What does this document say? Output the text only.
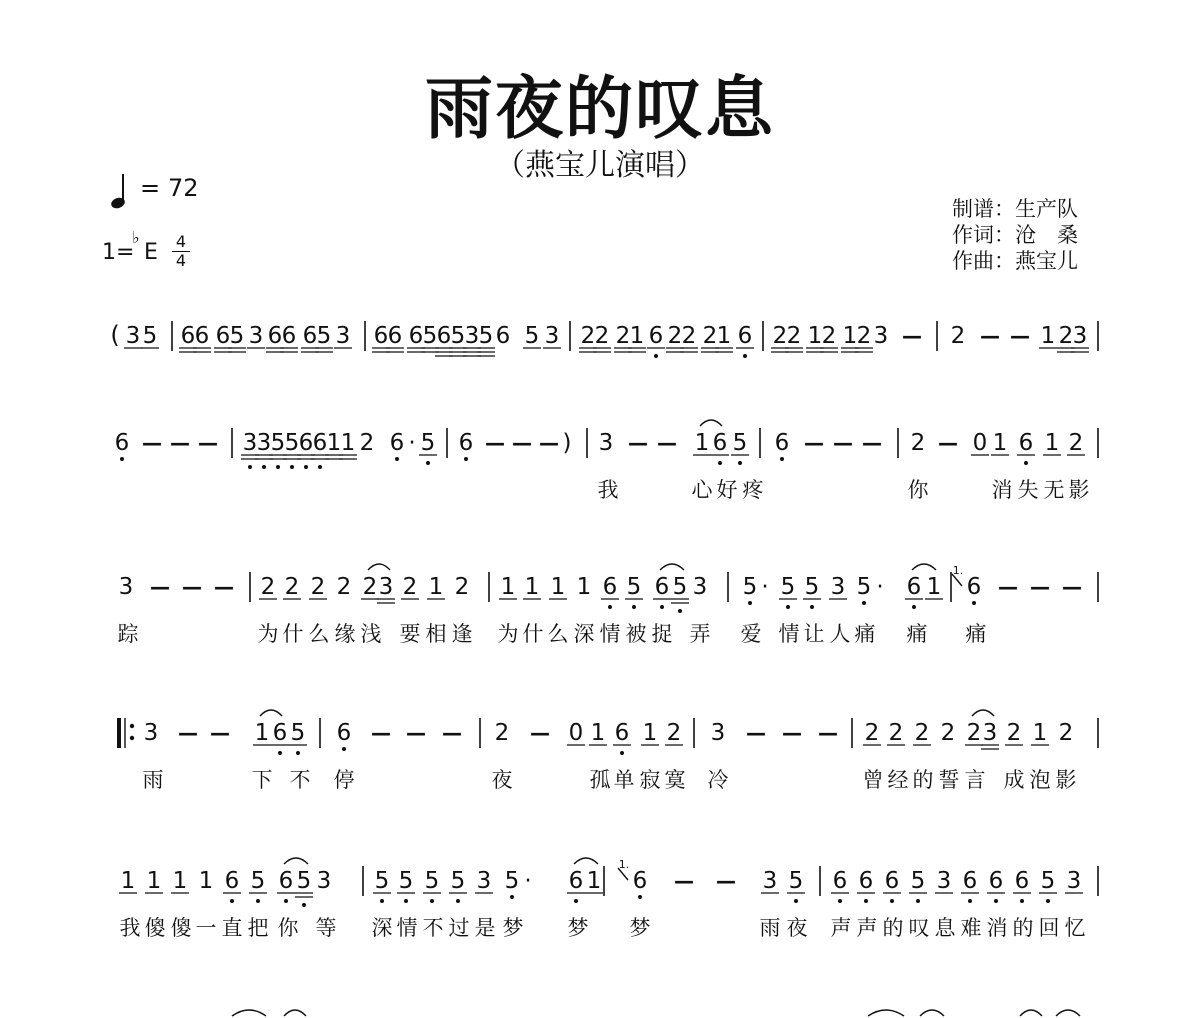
雨夜的叹息
（燕宝儿演唱）
= 72
1=
♭
E 4
4
制谱：生产队
作词：沧　桑
作曲：燕宝儿
(	|	|	|	|	|	|
3 5 6 6 6 5 3 6 6 6 5 3 6 6 6 5 6 5 3 5 6 5 3 2 2 2 1 6 2 2 2 1 6 2 2 1 2 1 2 3 — 2 — — 1 2 3
|	|	|	|	|	|
6 — — — 3 3 5 5 6 6 1 1 2 6 · 5 6 — — — ) 3 — — 1 6 5 6 — — — 2 — 0 1 6 1 2
我	心 好 疼	你	消 失 无 影
|	|	|	|	|
3 — — — 2 2 2 2 2 3 2 1 2 1 1 1 1 6 5 6 5 3 5 · 5 5 3 5 · 6 1 6 — — —
1.
踪	为 什 么 缘 浅 要 相 逢 为 什 么 深 情 被 捉 弄 爱 情 让 人 痛 痛 痛
‖:	|	|	|	|	|
3 — — 1 6 5 6 — — — 2 — 0 1 6 1 2 3 — — — 2 2 2 2 2 3 2 1 2
雨	下 不 停	夜	孤 单 寂 寞 冷	曾 经 的 誓 言 成 泡 影
|	|	|	|
1 1 1 1 6 5 6 5 3 5 5 5 5 3 5 · 6 1 6 — — 3 5 6 6 6 5 3 6 6 6 5 3
1.
我 傻 傻 一 直 把 你 等 深 情 不 过 是 梦 梦 梦	雨 夜 声 声 的 叹 息 难 消 的 回 忆
